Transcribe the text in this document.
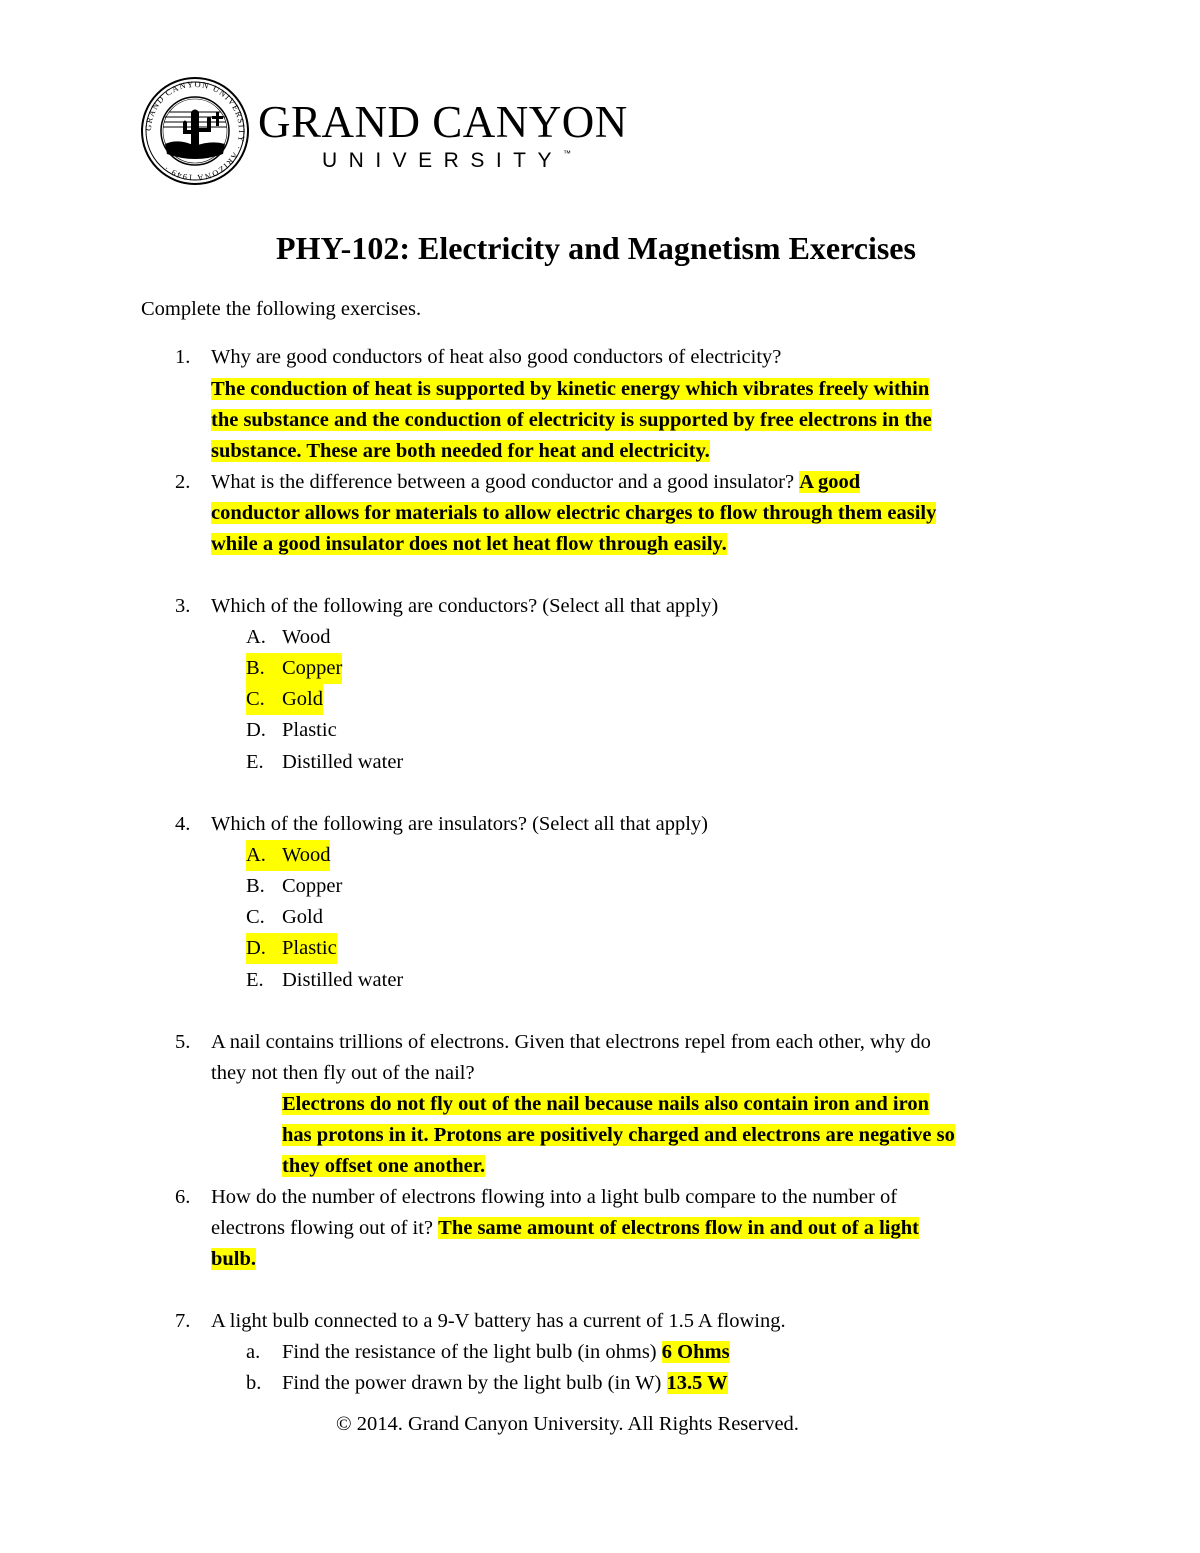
GRAND CANYON UNIVERSITY · ARIZONA 1949 ·
GRAND CANYON
UNIVERSITY™
PHY-102: Electricity and Magnetism Exercises
Complete the following exercises.
1. Why are good conductors of heat also good conductors of electricity?
The conduction of heat is supported by kinetic energy which vibrates freely within
the substance and the conduction of electricity is supported by free electrons in the
substance. These are both needed for heat and electricity.
2. What is the difference between a good conductor and a good insulator? A good
conductor allows for materials to allow electric charges to flow through them easily
while a good insulator does not let heat flow through easily.
3. Which of the following are conductors? (Select all that apply)
A. Wood
B. Copper
C. Gold
D. Plastic
E. Distilled water
4. Which of the following are insulators? (Select all that apply)
A. Wood
B. Copper
C. Gold
D. Plastic
E. Distilled water
5. A nail contains trillions of electrons. Given that electrons repel from each other, why do
they not then fly out of the nail?
Electrons do not fly out of the nail because nails also contain iron and iron
has protons in it. Protons are positively charged and electrons are negative so
they offset one another.
6. How do the number of electrons flowing into a light bulb compare to the number of
electrons flowing out of it? The same amount of electrons flow in and out of a light
bulb.
7. A light bulb connected to a 9-V battery has a current of 1.5 A flowing.
a. Find the resistance of the light bulb (in ohms) 6 Ohms
b. Find the power drawn by the light bulb (in W) 13.5 W
© 2014. Grand Canyon University. All Rights Reserved.
